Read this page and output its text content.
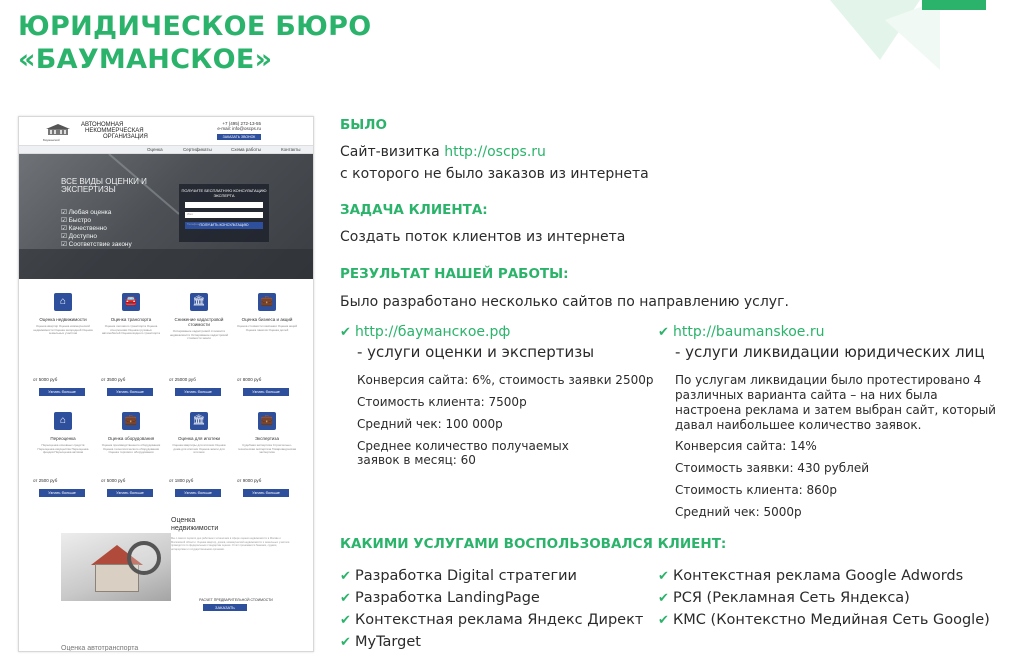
ЮРИДИЧЕСКОЕ БЮРО
«БАУМАНСКОЕ»
Бауманский
АВТОНОМНАЯ
НЕКОММЕРЧЕСКАЯ
ОРГАНИЗАЦИЯ
+7 (495) 272-13-55
e-mail: info@oscps.ru
ЗАКАЗАТЬ ЗВОНОК
Оценка	Сертификаты	Схема работы	Контакты
ВСЕ ВИДЫ ОЦЕНКИ И
ЭКСПЕРТИЗЫ
☑ Любая оценка
☑ Быстро
☑ Качественно
☑ Доступно
☑ Соответствие закону
ПОЛУЧИТЕ БЕСПЛАТНУЮ КОНСУЛЬТАЦИЮ ЭКСПЕРТА
Телефон ПОЛУЧИТЬ КОНСУЛЬТАЦИЮ
⌂
Оценка недвижимости
Оценка квартир Оценка коммерческой недвижимости Оценка загородной Оценка земельных участков
🚘
Оценка транспорта
Оценка легкового транспорта Оценка спецтехники Оценка грузовых автомобилей Оценка водного транспорта
🏛
Снижение кадастровой стоимости
Оспаривание кадастровой стоимости недвижимости Оспаривание кадастровой стоимости земли
💼
Оценка бизнеса и акций
Оценка стоимости компании Оценка акций Оценка пакетов Оценка долей
от 5000 руб	от 3500 руб	от 25000 руб	от 8000 руб
Узнать больше	Узнать больше	Узнать больше	Узнать больше
⌂
Переоценка
Переоценка основных средств Переоценка имущества Переоценка фондов Переоценка активов
💼
Оценка оборудования
Оценка производственного оборудования Оценка технологического оборудования Оценка торгового оборудования
🏛
Оценка для ипотеки
Оценка квартиры для ипотеки Оценка дома для ипотеки Оценка земли для ипотеки
💼
Экспертиза
Судебная экспертиза Строительно-техническая экспертиза Товароведческая экспертиза
от 2500 руб	от 5000 руб	от 1800 руб	от 9000 руб
Узнать больше	Узнать больше	Узнать больше	Узнать больше
Оценка
недвижимости
Мы с самого первого дня работаем с клиентами в сфере оценки недвижимости в Москве и Московской области. Оценка квартир, домов, коммерческой недвижимости и земельных участков проводится по федеральным стандартам оценки. Отчёт принимается банками, судами, нотариусами и государственными органами.
РАСЧЕТ ПРЕДВАРИТЕЛЬНОЙ СТОИМОСТИ
ЗАКАЗАТЬ
Оценка автотранспорта
БЫЛО
Сайт-визитка http://oscps.ru
с которого не было заказов из интернета
ЗАДАЧА КЛИЕНТА:
Создать поток клиентов из интернета
РЕЗУЛЬТАТ НАШЕЙ РАБОТЫ:
Было разработано несколько сайтов по направлению услуг.
✔ http://бауманское.рф
- услуги оценки и экспертизы
Конверсия сайта: 6%, стоимость заявки 2500р
Стоимость клиента: 7500р
Средний чек: 100 000р
Среднее количество получаемых
заявок в месяц: 60
✔ http://baumanskoe.ru
- услуги ликвидации юридических лиц
По услугам ликвидации было протестировано 4
различных варианта сайта – на них была
настроена реклама и затем выбран сайт, который
давал наибольшее количество заявок.
Конверсия сайта: 14%
Стоимость заявки: 430 рублей
Стоимость клиента: 860р
Средний чек: 5000р
КАКИМИ УСЛУГАМИ ВОСПОЛЬЗОВАЛСЯ КЛИЕНТ:
✔ Разработка Digital стратегии
✔ Разработка LandingPage
✔ Контекстная реклама Яндекс Директ
✔ MyTarget
✔ Контекстная реклама Google Adwords
✔ РСЯ (Рекламная Сеть Яндекса)
✔ КМС (Контекстно Медийная Сеть Google)
